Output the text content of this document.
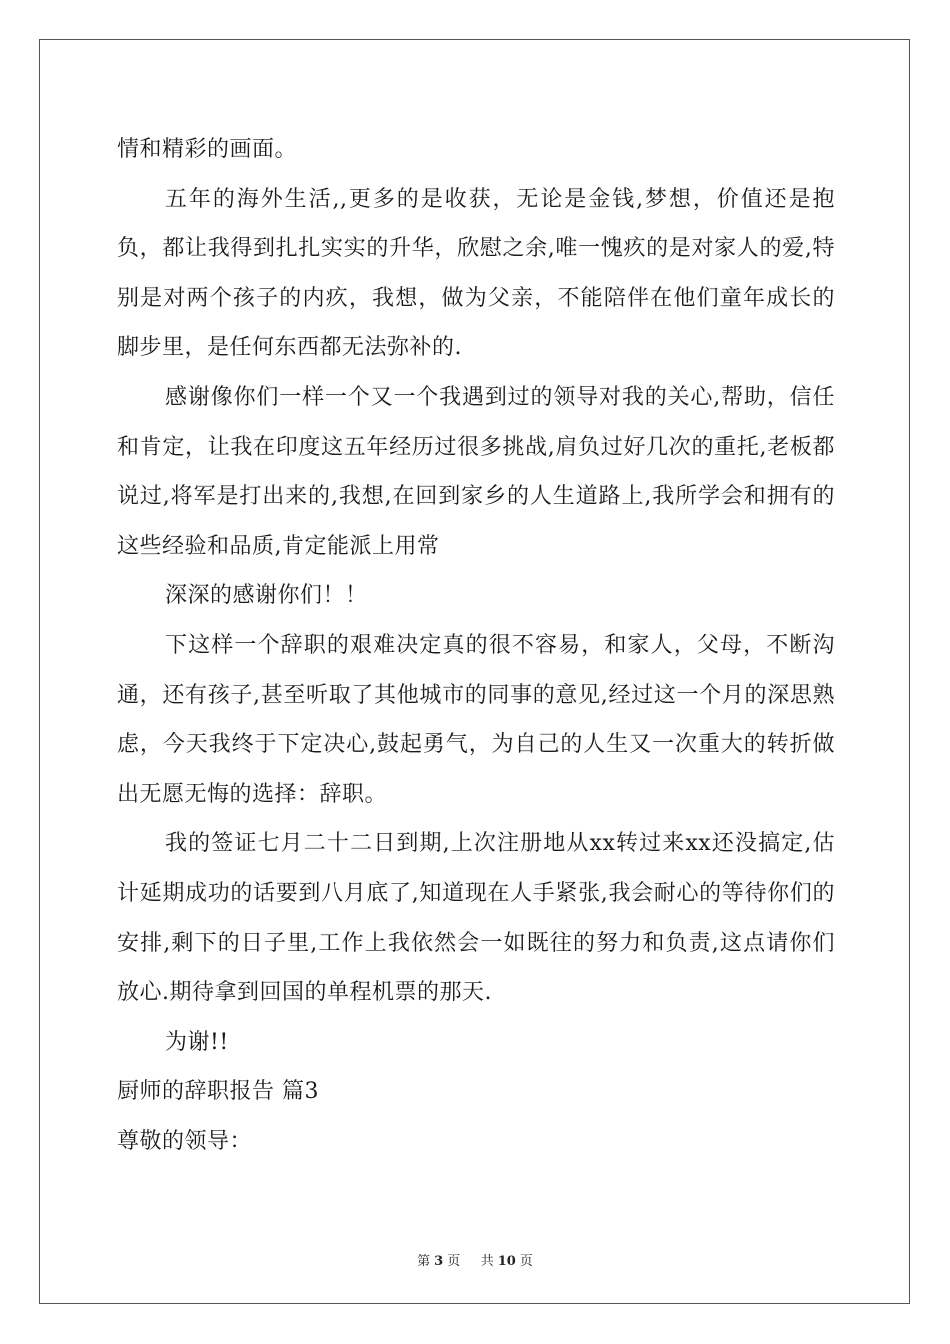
情和精彩的画面。

五年的海外生活,,更多的是收获，无论是金钱,梦想，价值还是抱负，都让我得到扎扎实实的升华，欣慰之余,唯一愧疚的是对家人的爱,特别是对两个孩子的内疚，我想，做为父亲，不能陪伴在他们童年成长的脚步里，是任何东西都无法弥补的.

感谢像你们一样一个又一个我遇到过的领导对我的关心,帮助，信任和肯定，让我在印度这五年经历过很多挑战,肩负过好几次的重托,老板都说过,将军是打出来的,我想,在回到家乡的人生道路上,我所学会和拥有的这些经验和品质,肯定能派上用常

深深的感谢你们！！

下这样一个辞职的艰难决定真的很不容易，和家人，父母，不断沟通，还有孩子,甚至听取了其他城市的同事的意见,经过这一个月的深思熟虑，今天我终于下定决心,鼓起勇气，为自己的人生又一次重大的转折做出无愿无悔的选择：辞职。

我的签证七月二十二日到期,上次注册地从xx转过来xx还没搞定,估计延期成功的话要到八月底了,知道现在人手紧张,我会耐心的等待你们的安排,剩下的日子里,工作上我依然会一如既往的努力和负责,这点请你们放心.期待拿到回国的单程机票的那天.

为谢!!

厨师的辞职报告 篇3

尊敬的领导：

第 3 页 共 10 页
